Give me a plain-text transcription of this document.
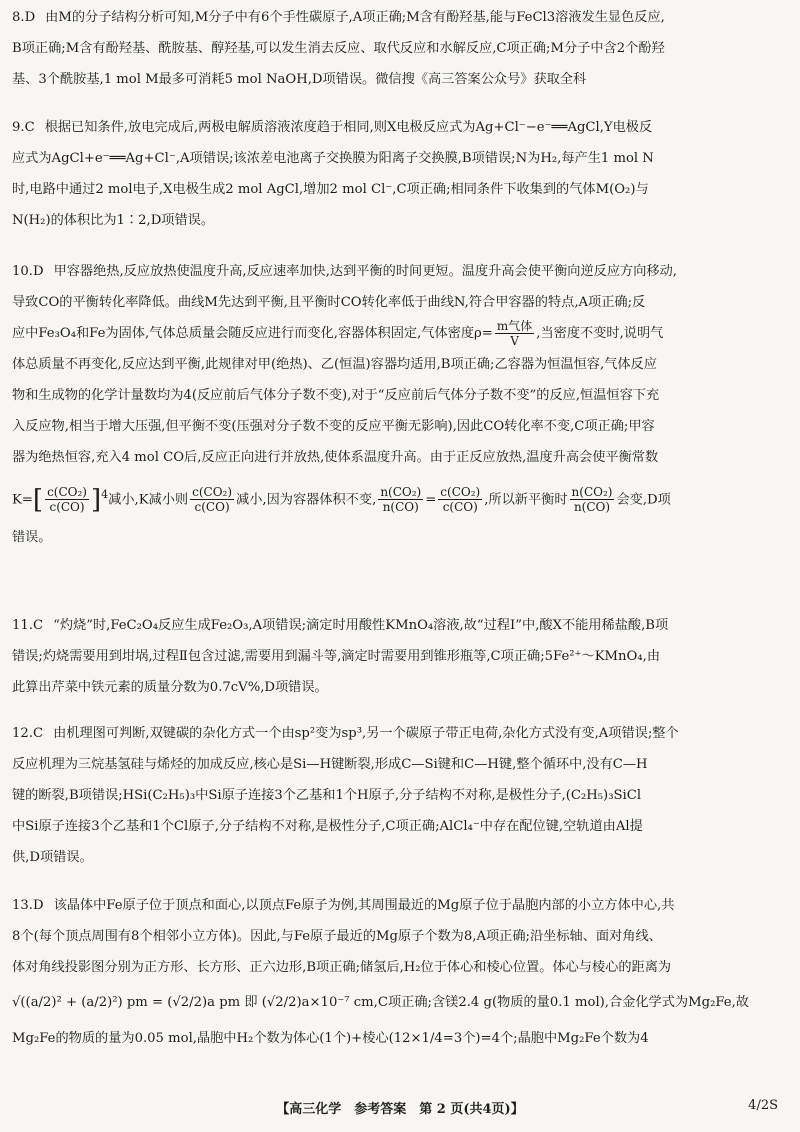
8.D 由M的分子结构分析可知,M分子中有6个手性碳原子,A项正确;M含有酚羟基,能与FeCl3溶液发生显色反应,

B项正确;M含有酚羟基、酰胺基、醇羟基,可以发生消去反应、取代反应和水解反应,C项正确;M分子中含2个酚羟

基、3个酰胺基,1 mol M最多可消耗5 mol NaOH,D项错误。微信搜《高三答案公众号》获取全科

9.C 根据已知条件,放电完成后,两极电解质溶液浓度趋于相同,则X电极反应式为Ag+Cl⁻−e⁻══AgCl,Y电极反

应式为AgCl+e⁻══Ag+Cl⁻,A项错误;该浓差电池离子交换膜为阳离子交换膜,B项错误;N为H₂,每产生1 mol N

时,电路中通过2 mol电子,X电极生成2 mol AgCl,增加2 mol Cl⁻,C项正确;相同条件下收集到的气体M(O₂)与

N(H₂)的体积比为1∶2,D项错误。

10.D 甲容器绝热,反应放热使温度升高,反应速率加快,达到平衡的时间更短。温度升高会使平衡向逆反应方向移动,

导致CO的平衡转化率降低。曲线M先达到平衡,且平衡时CO转化率低于曲线N,符合甲容器的特点,A项正确;反

应中Fe₃O₄和Fe为固体,气体总质量会随反应进行而变化,容器体积固定,气体密度$\rho= \frac{\text{m气体}}{V}$ ,当密度不变时,说明气

体总质量不再变化,反应达到平衡,此规律对甲(绝热)、乙(恒温)容器均适用,B项正确;乙容器为恒温恒容,气体反应

物和生成物的化学计量数均为4(反应前后气体分子数不变),对于“反应前后气体分子数不变”的反应,恒温恒容下充

入反应物,相当于增大压强,但平衡不变(压强对分子数不变的反应平衡无影响),因此CO转化率不变,C项正确;甲容

器为绝热恒容,充入4 mol CO后,反应正向进行并放热,使体系温度升高。由于正反应放热,温度升高会使平衡常数

$K=[ \frac{\text{c(CO₂)}}{c(CO)} ]^4$减小,K减小则 $\frac{\text{c(CO₂)}}{c(CO)}$ 减小,因为容器体积不变, $\frac{\text{n(CO₂)}}{n(CO)} = \frac{\text{c(CO₂)}}{c(CO)}$ ,所以新平衡时 $\frac{\text{n(CO₂)}}{n(CO)}$ 会变,D项

错误。

11.C “灼烧”时,FeC₂O₄反应生成Fe₂O₃,A项错误;滴定时用酸性KMnO₄溶液,故“过程Ⅰ”中,酸X不能用稀盐酸,B项

错误;灼烧需要用到坩埚,过程Ⅱ包含过滤,需要用到漏斗等,滴定时需要用到锥形瓶等,C项正确;5Fe²⁺～KMnO₄,由

此算出芹菜中铁元素的质量分数为0.7cV%,D项错误。

12.C 由机理图可判断,双键碳的杂化方式一个由sp²变为sp³,另一个碳原子带正电荷,杂化方式没有变,A项错误;整个

反应机理为三烷基氢硅与烯烃的加成反应,核心是Si—H键断裂,形成C—Si键和C—H键,整个循环中,没有C—H

键的断裂,B项错误;HSi(C₂H₅)₃中Si原子连接3个乙基和1个H原子,分子结构不对称,是极性分子,(C₂H₅)₃SiCl

中Si原子连接3个乙基和1个Cl原子,分子结构不对称,是极性分子,C项正确;AlCl₄⁻中存在配位键,空轨道由Al提

供,D项错误。

13.D 该晶体中Fe原子位于顶点和面心,以顶点Fe原子为例,其周围最近的Mg原子位于晶胞内部的小立方体中心,共

8个(每个顶点周围有8个相邻小立方体)。因此,与Fe原子最近的Mg原子个数为8,A项正确;沿坐标轴、面对角线、

体对角线投影图分别为正方形、长方形、正六边形,B项正确;储氢后,H₂位于体心和棱心位置。体心与棱心的距离为

√((a/2)² + (a/2)²) pm = (√2/2)a pm 即 (√2/2)a×10⁻⁷ cm,C项正确;含镁2.4 g(物质的量0.1 mol),合金化学式为Mg₂Fe,故

Mg₂Fe的物质的量为0.05 mol,晶胞中H₂个数为体心(1个)+棱心(12×1/4=3个)=4个;晶胞中Mg₂Fe个数为4

【高三化学　参考答案　第 2 页(共4页)】	4/2S
